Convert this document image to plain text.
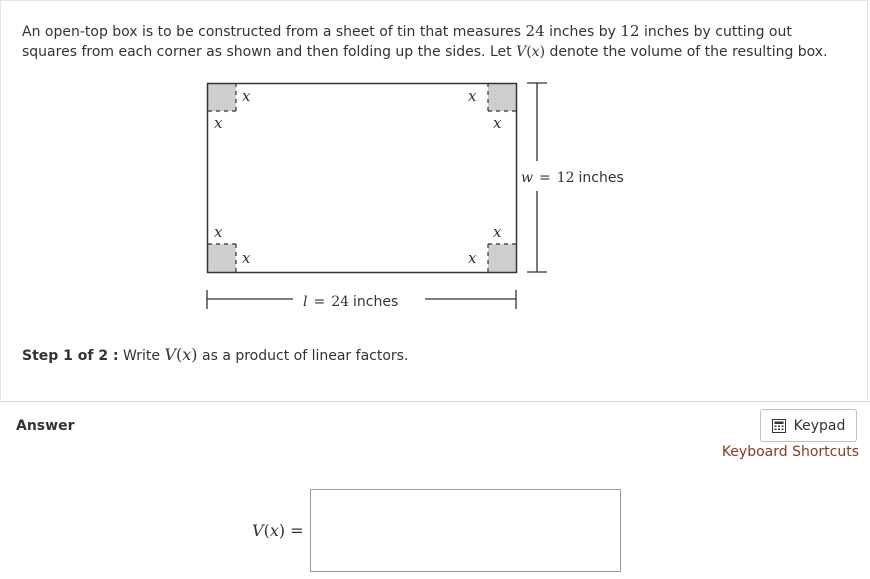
An open-top box is to be constructed from a sheet of tin that measures 24 inches by 12 inches by cutting out squares from each corner as shown and then folding up the sides. Let V(x) denote the volume of the resulting box.
x
x
x
x
x
x
x
x
w = 12 inches
l = 24 inches
Step 1 of 2 : Write V(x) as a product of linear factors.
Answer	Keypad
Keyboard Shortcuts
V(x) =
